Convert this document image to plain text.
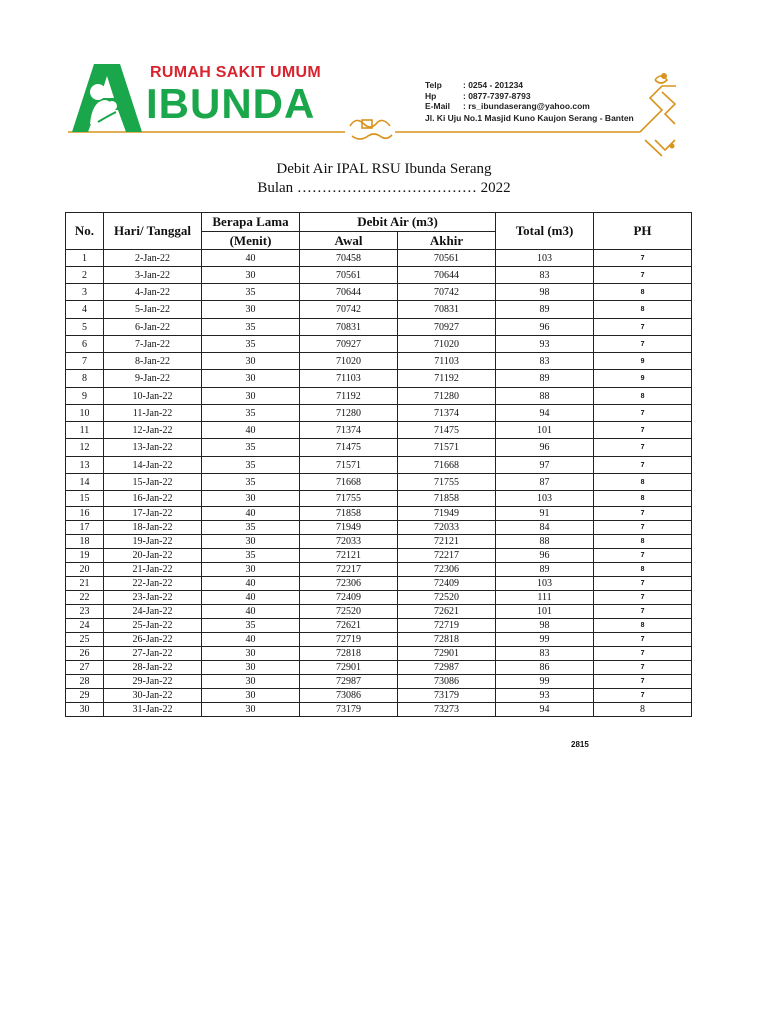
RUMAH SAKIT UMUM
IBUNDA	Telp	: 0254 - 201234
Hp	: 0877-7397-8793
E-Mail	: rs_ibundaserang@yahoo.com
Jl. Ki Uju No.1 Masjid Kuno Kaujon Serang - Banten
Debit Air IPAL RSU Ibunda Serang
Bulan ……………………………… 2022
No.	Hari/ Tanggal	Berapa Lama	Debit Air (m3)		Total (m3)	PH
		(Menit)	Awal	Akhir		
1	2-Jan-22	40	70458	70561	103	7
2	3-Jan-22	30	70561	70644	83	7
3	4-Jan-22	35	70644	70742	98	8
4	5-Jan-22	30	70742	70831	89	8
5	6-Jan-22	35	70831	70927	96	7
6	7-Jan-22	35	70927	71020	93	7
7	8-Jan-22	30	71020	71103	83	9
8	9-Jan-22	30	71103	71192	89	9
9	10-Jan-22	30	71192	71280	88	8
10	11-Jan-22	35	71280	71374	94	7
11	12-Jan-22	40	71374	71475	101	7
12	13-Jan-22	35	71475	71571	96	7
13	14-Jan-22	35	71571	71668	97	7
14	15-Jan-22	35	71668	71755	87	8
15	16-Jan-22	30	71755	71858	103	8
16	17-Jan-22	40	71858	71949	91	7
17	18-Jan-22	35	71949	72033	84	7
18	19-Jan-22	30	72033	72121	88	8
19	20-Jan-22	35	72121	72217	96	7
20	21-Jan-22	30	72217	72306	89	8
21	22-Jan-22	40	72306	72409	103	7
22	23-Jan-22	40	72409	72520	111	7
23	24-Jan-22	40	72520	72621	101	7
24	25-Jan-22	35	72621	72719	98	8
25	26-Jan-22	40	72719	72818	99	7
26	27-Jan-22	30	72818	72901	83	7
27	28-Jan-22	30	72901	72987	86	7
28	29-Jan-22	30	72987	73086	99	7
29	30-Jan-22	30	73086	73179	93	7
30	31-Jan-22	30	73179	73273	94	8
2815
